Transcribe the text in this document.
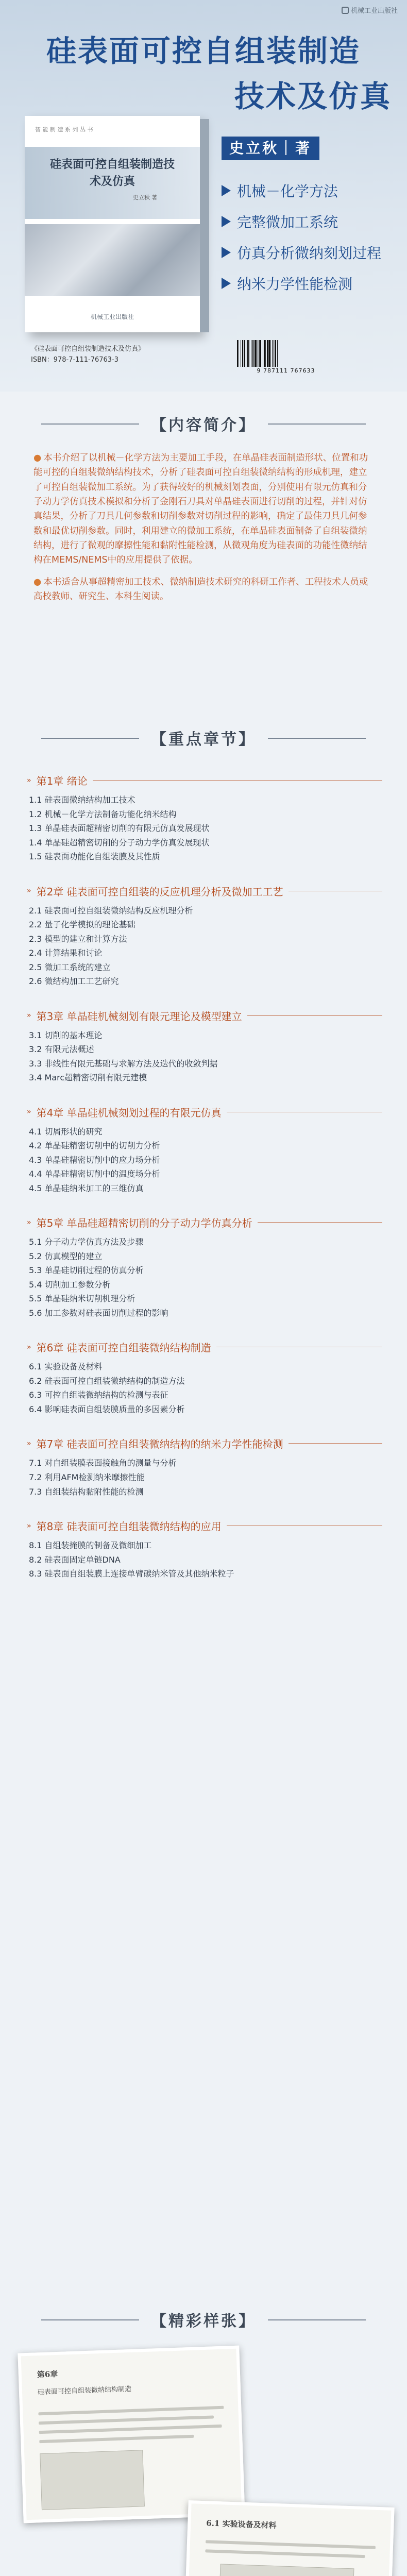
机械工业出版社
硅表面可控自组装制造
技术及仿真
智 能 制 造 系 列 丛 书
硅表面可控自组装制造技术及仿真
史立秋 著
机械工业出版社
史立秋｜著
机械－化学方法
完整微加工系统
仿真分析微纳刻划过程
纳米力学性能检测
《硅表面可控自组装制造技术及仿真》
ISBN：978-7-111-76763-3
9 787111 767633
【内容简介】

● 本书介绍了以机械－化学方法为主要加工手段，在单晶硅表面制造形状、位置和功能可控的自组装微纳结构技术，分析了硅表面可控自组装微纳结构的形成机理，建立了可控自组装微加工系统。为了获得较好的机械刻划表面，分别使用有限元仿真和分子动力学仿真技术模拟和分析了金刚石刀具对单晶硅表面进行切削的过程，并针对仿真结果，分析了刀具几何参数和切削参数对切削过程的影响，确定了最佳刀具几何参数和最优切削参数。同时，利用建立的微加工系统，在单晶硅表面制备了自组装微纳结构，进行了微观的摩擦性能和黏附性能检测，从微观角度为硅表面的功能性微纳结构在MEMS/NEMS中的应用提供了依据。

● 本书适合从事超精密加工技术、微纳制造技术研究的科研工作者、工程技术人员或高校教师、研究生、本科生阅读。

【重点章节】
» 第1章 绪论
1.1 硅表面微纳结构加工技术
1.2 机械－化学方法制备功能化纳米结构
1.3 单晶硅表面超精密切削的有限元仿真发展现状
1.4 单晶硅超精密切削的分子动力学仿真发展现状
1.5 硅表面功能化自组装膜及其性质
» 第2章 硅表面可控自组装的反应机理分析及微加工工艺
2.1 硅表面可控自组装微纳结构反应机理分析
2.2 量子化学模拟的理论基础
2.3 模型的建立和计算方法
2.4 计算结果和讨论
2.5 微加工系统的建立
2.6 微结构加工工艺研究
» 第3章 单晶硅机械刻划有限元理论及模型建立
3.1 切削的基本理论
3.2 有限元法概述
3.3 非线性有限元基础与求解方法及迭代的收敛判据
3.4 Marc超精密切削有限元建模
» 第4章 单晶硅机械刻划过程的有限元仿真
4.1 切屑形状的研究
4.2 单晶硅精密切削中的切削力分析
4.3 单晶硅精密切削中的应力场分析
4.4 单晶硅精密切削中的温度场分析
4.5 单晶硅纳米加工的三维仿真
» 第5章 单晶硅超精密切削的分子动力学仿真分析
5.1 分子动力学仿真方法及步骤
5.2 仿真模型的建立
5.3 单晶硅切削过程的仿真分析
5.4 切削加工参数分析
5.5 单晶硅纳米切削机理分析
5.6 加工参数对硅表面切削过程的影响
» 第6章 硅表面可控自组装微纳结构制造
6.1 实验设备及材料
6.2 硅表面可控自组装微纳结构的制造方法
6.3 可控自组装微纳结构的检测与表征
6.4 影响硅表面自组装膜质量的多因素分析
» 第7章 硅表面可控自组装微纳结构的纳米力学性能检测
7.1 对自组装膜表面接触角的测量与分析
7.2 利用AFM检测纳米摩擦性能
7.3 自组装结构黏附性能的检测
» 第8章 硅表面可控自组装微纳结构的应用
8.1 自组装掩膜的制备及微细加工
8.2 硅表面固定单链DNA
8.3 硅表面自组装膜上连接单臂碳纳米管及其他纳米粒子
【精彩样张】
第6章
硅表面可控自组装微纳结构制造
6.1 实验设备及材料
